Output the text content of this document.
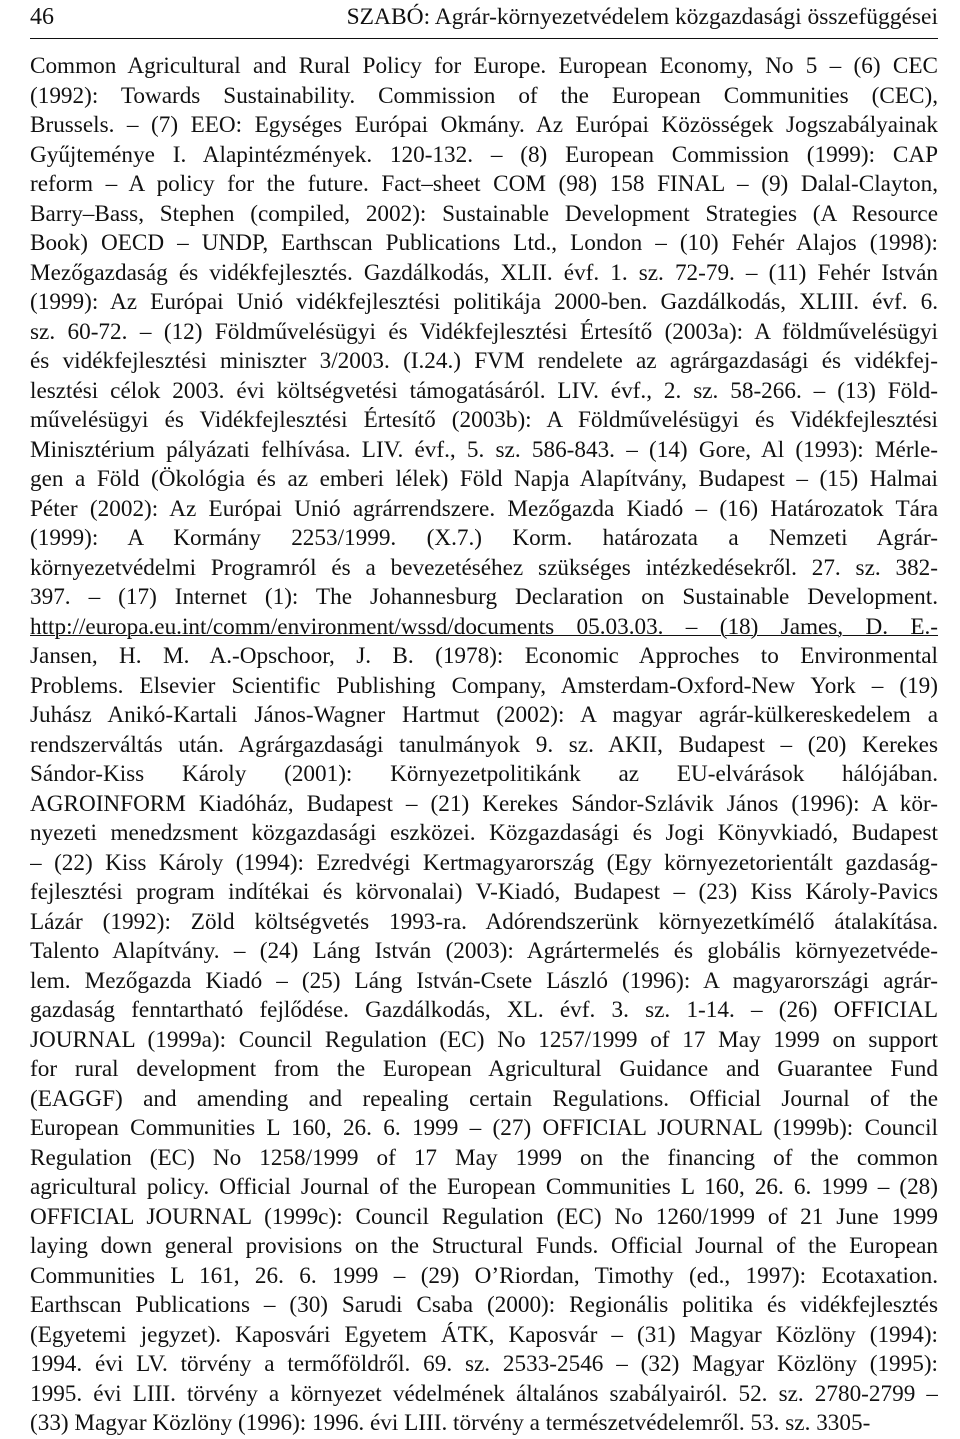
46	SZABÓ: Agrár-környezetvédelem közgazdasági összefüggései
Common Agricultural and Rural Policy for Europe. European Economy, No 5 – (6) CEC
(1992): Towards Sustainability. Commission of the European Communities (CEC),
Brussels. – (7) EEO: Egységes Európai Okmány. Az Európai Közösségek Jogszabályainak
Gyűjteménye I. Alapintézmények. 120-132. – (8) European Commission (1999): CAP
reform – A policy for the future. Fact–sheet COM (98) 158 FINAL – (9) Dalal-Clayton,
Barry–Bass, Stephen (compiled, 2002): Sustainable Development Strategies (A Resource
Book) OECD – UNDP, Earthscan Publications Ltd., London – (10) Fehér Alajos (1998):
Mezőgazdaság és vidékfejlesztés. Gazdálkodás, XLII. évf. 1. sz. 72-79. – (11) Fehér István
(1999): Az Európai Unió vidékfejlesztési politikája 2000-ben. Gazdálkodás, XLIII. évf. 6.
sz. 60-72. – (12) Földművelésügyi és Vidékfejlesztési Értesítő (2003a): A földművelésügyi
és vidékfejlesztési miniszter 3/2003. (I.24.) FVM rendelete az agrárgazdasági és vidékfej-
lesztési célok 2003. évi költségvetési támogatásáról. LIV. évf., 2. sz. 58-266. – (13) Föld-
művelésügyi és Vidékfejlesztési Értesítő (2003b): A Földművelésügyi és Vidékfejlesztési
Minisztérium pályázati felhívása. LIV. évf., 5. sz. 586-843. – (14) Gore, Al (1993): Mérle-
gen a Föld (Ökológia és az emberi lélek) Föld Napja Alapítvány, Budapest – (15) Halmai
Péter (2002): Az Európai Unió agrárrendszere. Mezőgazda Kiadó – (16) Határozatok Tára
(1999): A Kormány 2253/1999. (X.7.) Korm. határozata a Nemzeti Agrár-
környezetvédelmi Programról és a bevezetéséhez szükséges intézkedésekről. 27. sz. 382-
397. – (17) Internet (1): The Johannesburg Declaration on Sustainable Development.
http://europa.eu.int/comm/environment/wssd/documents 05.03.03. – (18) James, D. E.-
Jansen, H. M. A.-Opschoor, J. B. (1978): Economic Approches to Environmental
Problems. Elsevier Scientific Publishing Company, Amsterdam-Oxford-New York – (19)
Juhász Anikó-Kartali János-Wagner Hartmut (2002): A magyar agrár-külkereskedelem a
rendszerváltás után. Agrárgazdasági tanulmányok 9. sz. AKII, Budapest – (20) Kerekes
Sándor-Kiss Károly (2001): Környezetpolitikánk az EU-elvárások hálójában.
AGROINFORM Kiadóház, Budapest – (21) Kerekes Sándor-Szlávik János (1996): A kör-
nyezeti menedzsment közgazdasági eszközei. Közgazdasági és Jogi Könyvkiadó, Budapest
– (22) Kiss Károly (1994): Ezredvégi Kertmagyarország (Egy környezetorientált gazdaság-
fejlesztési program indítékai és körvonalai) V-Kiadó, Budapest – (23) Kiss Károly-Pavics
Lázár (1992): Zöld költségvetés 1993-ra. Adórendszerünk környezetkímélő átalakítása.
Talento Alapítvány. – (24) Láng István (2003): Agrártermelés és globális környezetvéde-
lem. Mezőgazda Kiadó – (25) Láng István-Csete László (1996): A magyarországi agrár-
gazdaság fenntartható fejlődése. Gazdálkodás, XL. évf. 3. sz. 1-14. – (26) OFFICIAL
JOURNAL (1999a): Council Regulation (EC) No 1257/1999 of 17 May 1999 on support
for rural development from the European Agricultural Guidance and Guarantee Fund
(EAGGF) and amending and repealing certain Regulations. Official Journal of the
European Communities L 160, 26. 6. 1999 – (27) OFFICIAL JOURNAL (1999b): Council
Regulation (EC) No 1258/1999 of 17 May 1999 on the financing of the common
agricultural policy. Official Journal of the European Communities L 160, 26. 6. 1999 – (28)
OFFICIAL JOURNAL (1999c): Council Regulation (EC) No 1260/1999 of 21 June 1999
laying down general provisions on the Structural Funds. Official Journal of the European
Communities L 161, 26. 6. 1999 – (29) O’Riordan, Timothy (ed., 1997): Ecotaxation.
Earthscan Publications – (30) Sarudi Csaba (2000): Regionális politika és vidékfejlesztés
(Egyetemi jegyzet). Kaposvári Egyetem ÁTK, Kaposvár – (31) Magyar Közlöny (1994):
1994. évi LV. törvény a termőföldről. 69. sz. 2533-2546 – (32) Magyar Közlöny (1995):
1995. évi LIII. törvény a környezet védelmének általános szabályairól. 52. sz. 2780-2799 –
(33) Magyar Közlöny (1996): 1996. évi LIII. törvény a természetvédelemről. 53. sz. 3305-
